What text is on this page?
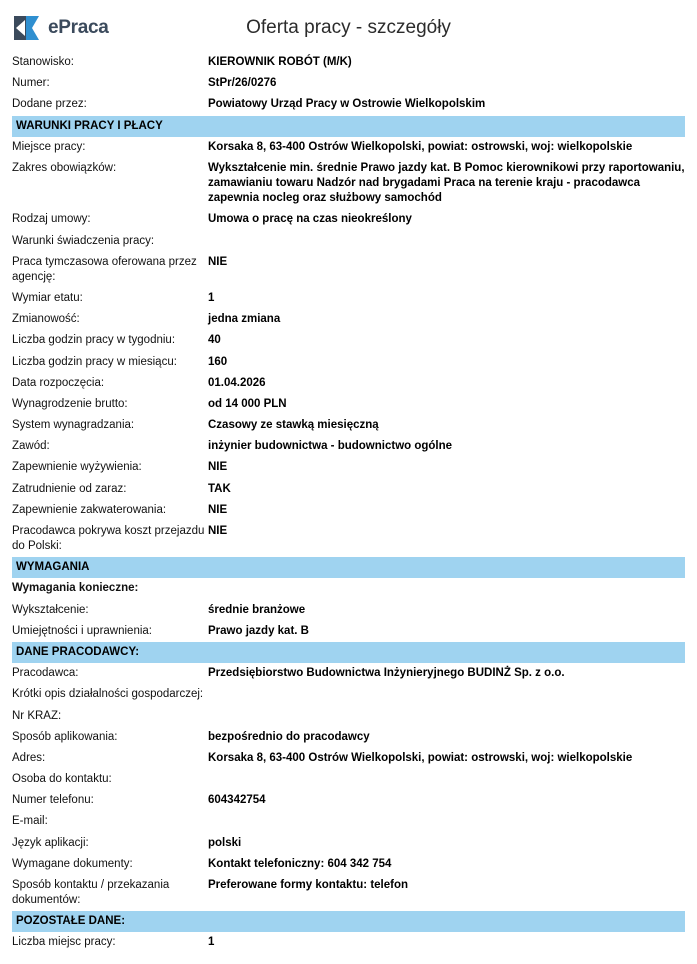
ePraca	Oferta pracy - szczegóły
Stanowisko:	KIEROWNIK ROBÓT (M/K)
Numer:	StPr/26/0276
Dodane przez:	Powiatowy Urząd Pracy w Ostrowie Wielkopolskim
WARUNKI PRACY I PŁACY	
Miejsce pracy:	Korsaka 8, 63-400 Ostrów Wielkopolski, powiat: ostrowski, woj: wielkopolskie
Zakres obowiązków:	Wykształcenie min. średnie Prawo jazdy kat. B Pomoc kierownikowi przy raportowaniu, zamawianiu towaru Nadzór nad brygadami Praca na terenie kraju - pracodawca zapewnia nocleg oraz służbowy samochód
Rodzaj umowy:	Umowa o pracę na czas nieokreślony
Warunki świadczenia pracy:	
Praca tymczasowa oferowana przez agencję:	NIE
Wymiar etatu:	1
Zmianowość:	jedna zmiana
Liczba godzin pracy w tygodniu:	40
Liczba godzin pracy w miesiącu:	160
Data rozpoczęcia:	01.04.2026
Wynagrodzenie brutto:	od 14 000 PLN
System wynagradzania:	Czasowy ze stawką miesięczną
Zawód:	inżynier budownictwa - budownictwo ogólne
Zapewnienie wyżywienia:	NIE
Zatrudnienie od zaraz:	TAK
Zapewnienie zakwaterowania:	NIE
Pracodawca pokrywa koszt przejazdu do Polski:	NIE
WYMAGANIA	
Wymagania konieczne:	
Wykształcenie:	średnie branżowe
Umiejętności i uprawnienia:	Prawo jazdy kat. B
DANE PRACODAWCY:	
Pracodawca:	Przedsiębiorstwo Budownictwa Inżynieryjnego BUDINŻ Sp. z o.o.
Krótki opis działalności gospodarczej:	
Nr KRAZ:	
Sposób aplikowania:	bezpośrednio do pracodawcy
Adres:	Korsaka 8, 63-400 Ostrów Wielkopolski, powiat: ostrowski, woj: wielkopolskie
Osoba do kontaktu:	
Numer telefonu:	604342754
E-mail:	
Język aplikacji:	polski
Wymagane dokumenty:	Kontakt telefoniczny: 604 342 754
Sposób kontaktu / przekazania dokumentów:	Preferowane formy kontaktu: telefon
POZOSTAŁE DANE:	
Liczba miejsc pracy:	1
